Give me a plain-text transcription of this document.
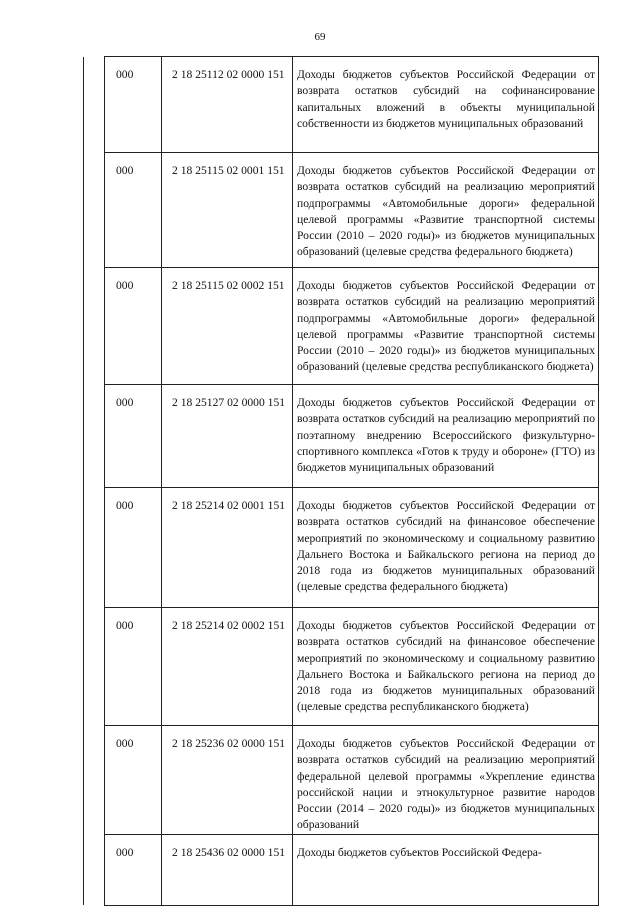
69
	000	2 18 25112 02 0000 151	Доходы бюджетов субъектов Российской Федерации от возврата остатков субсидий на софинансирование капитальных вложений в объекты муниципальной собственности из бюджетов муниципальных образований
	000	2 18 25115 02 0001 151	Доходы бюджетов субъектов Российской Федерации от возврата остатков субсидий на реализацию мероприятий подпрограммы «Автомобильные дороги» федеральной целевой программы «Развитие транспортной системы России (2010 – 2020 годы)» из бюджетов муниципальных образований (целевые средства федерального бюджета)
	000	2 18 25115 02 0002 151	Доходы бюджетов субъектов Российской Федерации от возврата остатков субсидий на реализацию мероприятий подпрограммы «Автомобильные дороги» федеральной целевой программы «Развитие транспортной системы России (2010 – 2020 годы)» из бюджетов муниципальных образований (целевые средства республиканского бюджета)
	000	2 18 25127 02 0000 151	Доходы бюджетов субъектов Российской Федерации от возврата остатков субсидий на реализацию мероприятий по поэтапному внедрению Всероссийского физкультурно-спортивного комплекса «Готов к труду и обороне» (ГТО) из бюджетов муниципальных образований
	000	2 18 25214 02 0001 151	Доходы бюджетов субъектов Российской Федерации от возврата остатков субсидий на финансовое обеспечение мероприятий по экономическому и социальному развитию Дальнего Востока и Байкальского региона на период до 2018 года из бюджетов муниципальных образований (целевые средства федерального бюджета)
	000	2 18 25214 02 0002 151	Доходы бюджетов субъектов Российской Федерации от возврата остатков субсидий на финансовое обеспечение мероприятий по экономическому и социальному развитию Дальнего Востока и Байкальского региона на период до 2018 года из бюджетов муниципальных образований (целевые средства республиканского бюджета)
	000	2 18 25236 02 0000 151	Доходы бюджетов субъектов Российской Федерации от возврата остатков субсидий на реализацию мероприятий федеральной целевой программы «Укрепление единства российской нации и этнокультурное развитие народов России (2014 – 2020 годы)» из бюджетов муниципальных образований
	000	2 18 25436 02 0000 151	Доходы бюджетов субъектов Российской Федера-
